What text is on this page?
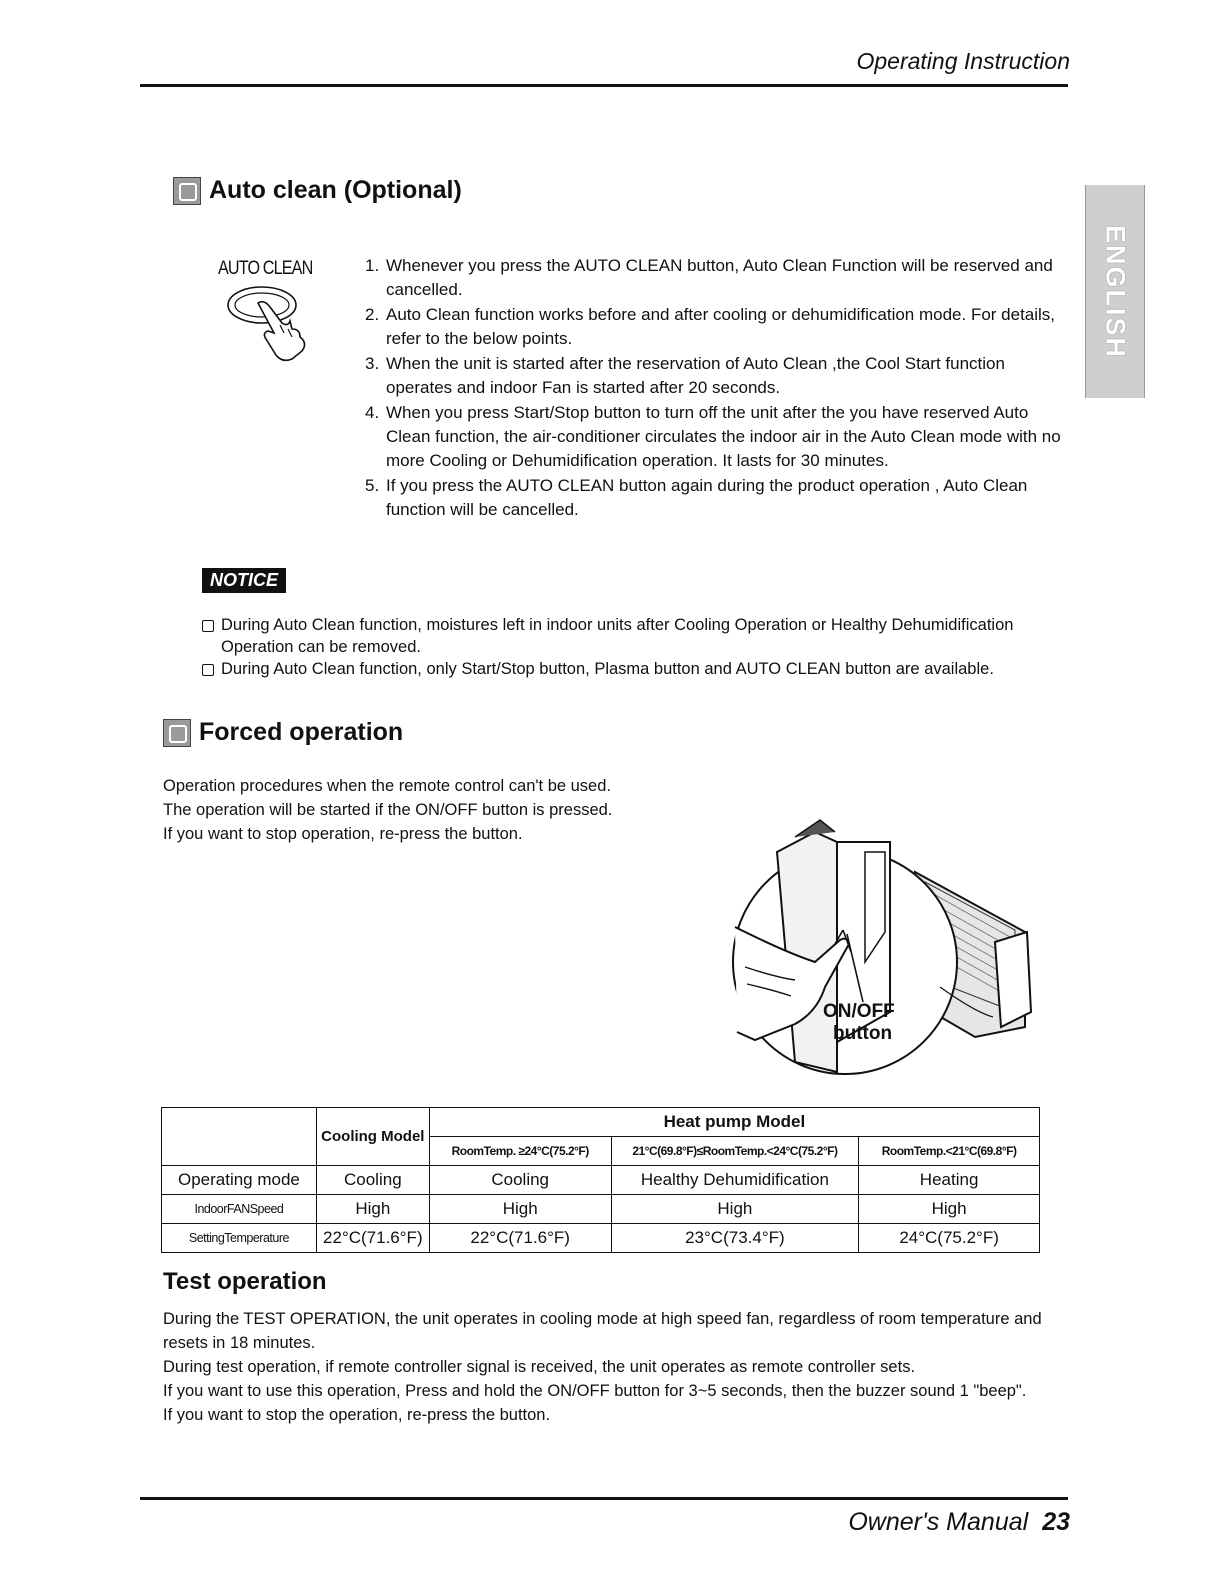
Operating Instruction
ENGLISH
Auto clean (Optional)
AUTO CLEAN	1. Whenever you press the AUTO CLEAN button, Auto Clean Function will be reserved and cancelled.
2. Auto Clean function works before and after cooling or dehumidification mode. For details, refer to the below points.
3. When the unit is started after the reservation of Auto Clean ,the Cool Start function operates and indoor Fan is started after 20 seconds.
4. When you press Start/Stop button to turn off the unit after the you have reserved Auto Clean function, the air-conditioner circulates the indoor air in the Auto Clean mode with no more Cooling or Dehumidification operation. It lasts for 30 minutes.
5. If you press the AUTO CLEAN button again during the product operation , Auto Clean function will be cancelled.
NOTICE
During Auto Clean function, moistures left in indoor units after Cooling Operation or Healthy Dehumidification Operation can be removed.
During Auto Clean function, only Start/Stop button, Plasma button and AUTO CLEAN button are available.
Forced operation
Operation procedures when the remote control can't be used.
The operation will be started if the ON/OFF button is pressed.
If you want to stop operation, re-press the button.
ON/OFF
button
	Cooling Model	Heat pump Model		
		RoomTemp. ≥24°C(75.2°F)	21°C(69.8°F)≤RoomTemp.<24°C(75.2°F)	RoomTemp.<21°C(69.8°F)
Operating mode	Cooling	Cooling	Healthy Dehumidification	Heating
IndoorFANSpeed	High	High	High	High
SettingTemperature	22°C(71.6°F)	22°C(71.6°F)	23°C(73.4°F)	24°C(75.2°F)
Test operation
During the TEST OPERATION, the unit operates in cooling mode at high speed fan, regardless of room temperature and resets in 18 minutes.
During test operation, if remote controller signal is received, the unit operates as remote controller sets.
If you want to use this operation, Press and hold the ON/OFF button for 3~5 seconds, then the buzzer sound 1 "beep".
If you want to stop the operation, re-press the button.
Owner's Manual 23
